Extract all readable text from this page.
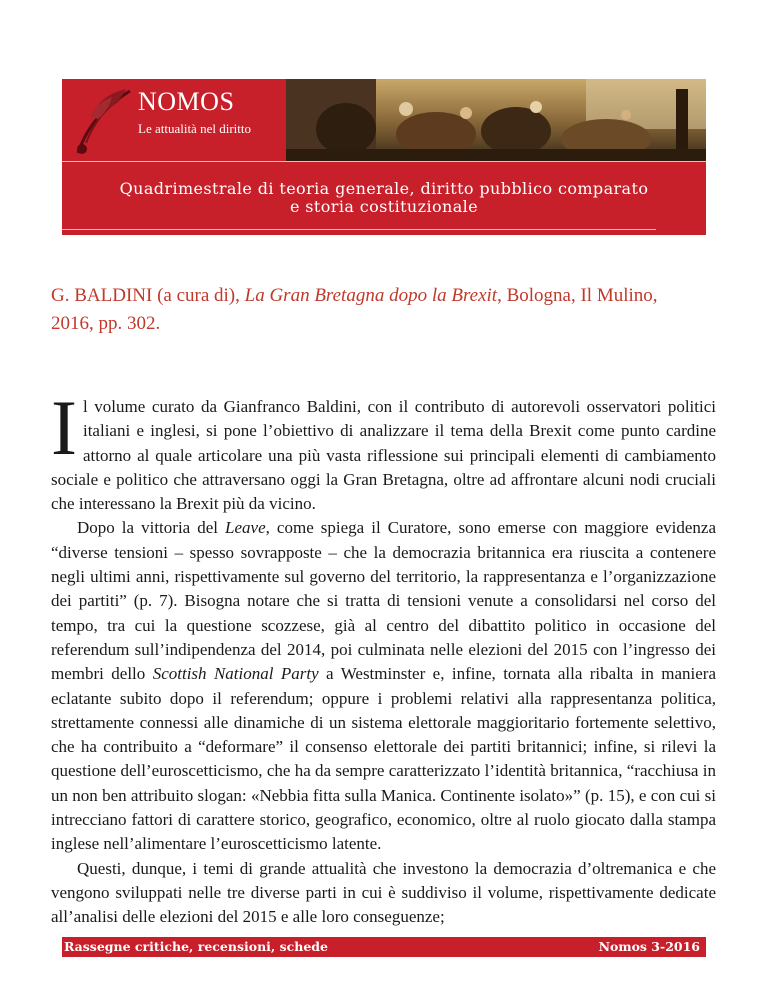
NOMOS
Le attualità nel diritto
Quadrimestrale di teoria generale, diritto pubblico comparato
e storia costituzionale
G. BALDINI (a cura di), La Gran Bretagna dopo la Brexit, Bologna, Il Mulino,
2016, pp. 302.

Il volume curato da Gianfranco Baldini, con il contributo di autorevoli osservatori politici italiani e inglesi, si pone l’obiettivo di analizzare il tema della Brexit come punto cardine attorno al quale articolare una più vasta riflessione sui principali elementi di cambiamento sociale e politico che attraversano oggi la Gran Bretagna, oltre ad affrontare alcuni nodi cruciali che interessano la Brexit più da vicino.

Dopo la vittoria del Leave, come spiega il Curatore, sono emerse con maggiore evidenza “diverse tensioni – spesso sovrapposte – che la democrazia britannica era riuscita a contenere negli ultimi anni, rispettivamente sul governo del territorio, la rappresentanza e l’organizzazione dei partiti” (p. 7). Bisogna notare che si tratta di tensioni venute a consolidarsi nel corso del tempo, tra cui la questione scozzese, già al centro del dibattito politico in occasione del referendum sull’indipendenza del 2014, poi culminata nelle elezioni del 2015 con l’ingresso dei membri dello Scottish National Party a Westminster e, infine, tornata alla ribalta in maniera eclatante subito dopo il referendum; oppure i problemi relativi alla rappresentanza politica, strettamente connessi alle dinamiche di un sistema elettorale maggioritario fortemente selettivo, che ha contribuito a “deformare” il consenso elettorale dei partiti britannici; infine, si rilevi la questione dell’euroscetticismo, che ha da sempre caratterizzato l’identità britannica, “racchiusa in un non ben attribuito slogan: «Nebbia fitta sulla Manica. Continente isolato»” (p. 15), e con cui si intrecciano fattori di carattere storico, geografico, economico, oltre al ruolo giocato dalla stampa inglese nell’alimentare l’euroscetticismo latente.

Questi, dunque, i temi di grande attualità che investono la democrazia d’oltremanica e che vengono sviluppati nelle tre diverse parti in cui è suddiviso il volume, rispettivamente dedicate all’analisi delle elezioni del 2015 e alle loro conseguenze;

Rassegne critiche, recensioni, schede	Nomos 3-2016
